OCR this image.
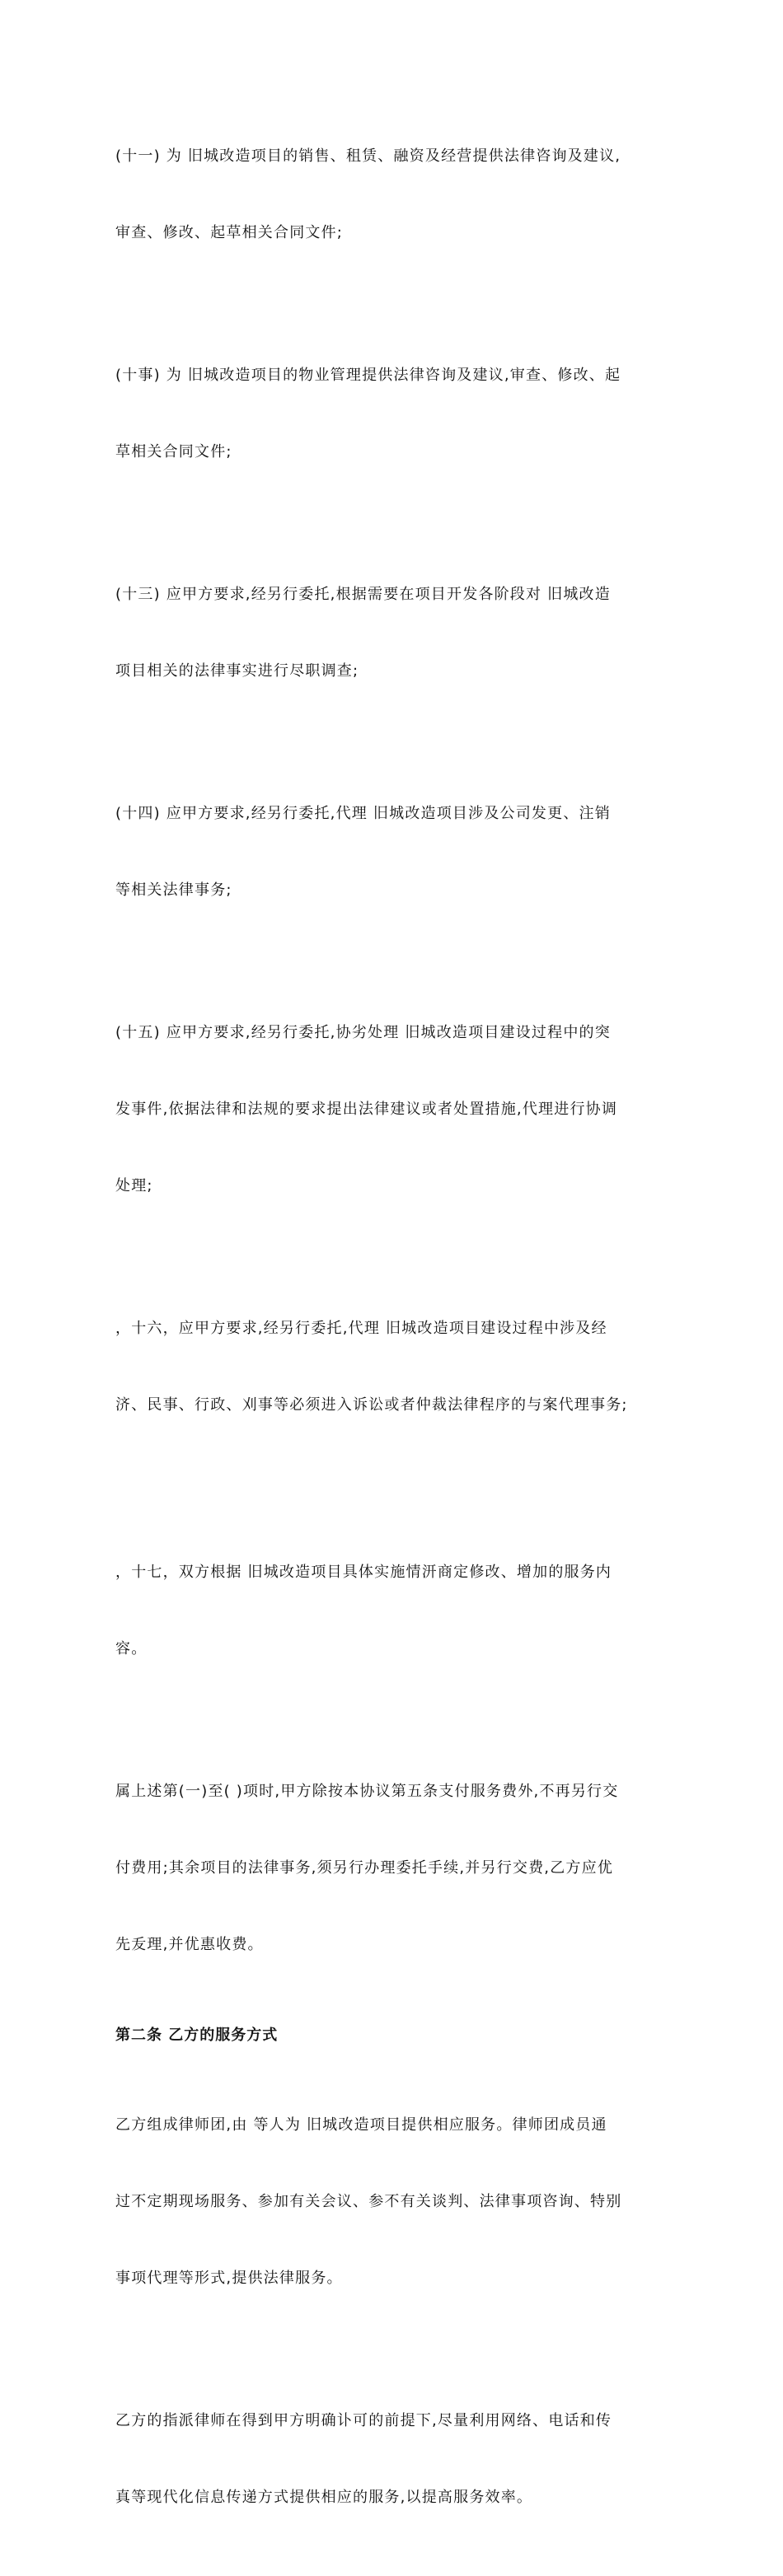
(十一) 为 旧城改造项目的销售、租赁、融资及经营提供法律咨询及建议,

审查、修改、起草相关合同文件;

(十事) 为 旧城改造项目的物业管理提供法律咨询及建议,审查、修改、起

草相关合同文件;

(十三) 应甲方要求,经另行委托,根据需要在项目开发各阶段对 旧城改造

项目相关的法律事实进行尽职调查;

(十四) 应甲方要求,经另行委托,代理 旧城改造项目涉及公司发更、注销

等相关法律事务;

(十五) 应甲方要求,经另行委托,协劣处理 旧城改造项目建设过程中的突

发事件,依据法律和法规的要求提出法律建议或者处置措施,代理进行协调

处理;

，十六，应甲方要求,经另行委托,代理 旧城改造项目建设过程中涉及经

济、民事、行政、刈事等必须进入诉讼或者仲裁法律程序的与案代理事务;

，十七，双方根据 旧城改造项目具体实施情汧商定修改、增加的服务内

容。

属上述第(一)至( )项时,甲方除按本协议第五条支付服务费外,不再另行交

付费用;其余项目的法律事务,须另行办理委托手续,并另行交费,乙方应优

先叐理,并优惠收费。

第二条 乙方的服务方式

乙方组成律师团,由 等人为 旧城改造项目提供相应服务。律师团成员通

过不定期现场服务、参加有关会议、参不有关谈判、法律事项咨询、特别

事项代理等形式,提供法律服务。

乙方的指派律师在得到甲方明确讣可的前提下,尽量利用网络、电话和传

真等现代化信息传递方式提供相应的服务,以提高服务效率。
